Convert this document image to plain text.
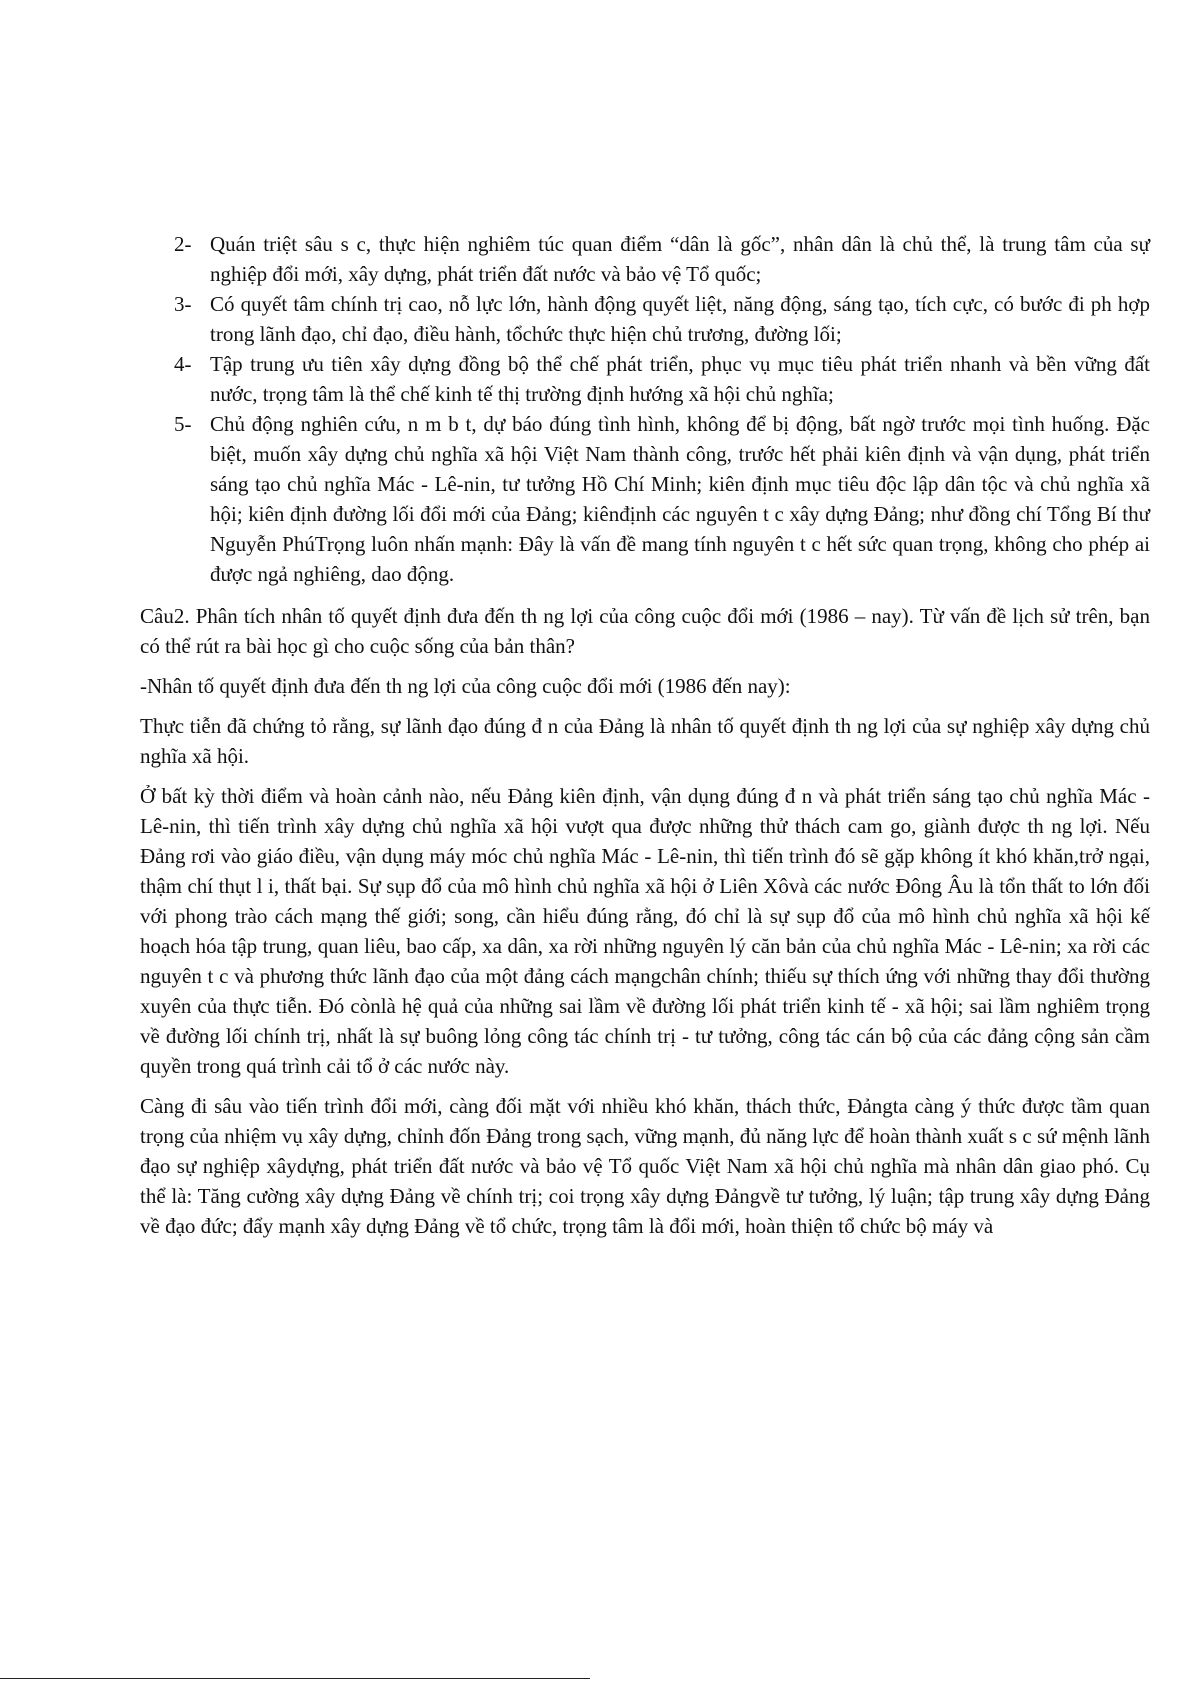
2- Quán triệt sâu s c, thực hiện nghiêm túc quan điểm “dân là gốc”, nhân dân là chủ thể, là trung tâm của sự nghiệp đổi mới, xây dựng, phát triển đất nước và bảo vệ Tổ quốc;
3- Có quyết tâm chính trị cao, nỗ lực lớn, hành động quyết liệt, năng động, sáng tạo, tích cực, có bước đi ph hợp trong lãnh đạo, chỉ đạo, điều hành, tổchức thực hiện chủ trương, đường lối;
4- Tập trung ưu tiên xây dựng đồng bộ thể chế phát triển, phục vụ mục tiêu phát triển nhanh và bền vững đất nước, trọng tâm là thể chế kinh tế thị trường định hướng xã hội chủ nghĩa;
5- Chủ động nghiên cứu, n m b t, dự báo đúng tình hình, không để bị động, bất ngờ trước mọi tình huống. Đặc biệt, muốn xây dựng chủ nghĩa xã hội Việt Nam thành công, trước hết phải kiên định và vận dụng, phát triển sáng tạo chủ nghĩa Mác - Lê-nin, tư tưởng Hồ Chí Minh; kiên định mục tiêu độc lập dân tộc và chủ nghĩa xã hội; kiên định đường lối đổi mới của Đảng; kiênđịnh các nguyên t c xây dựng Đảng; như đồng chí Tổng Bí thư Nguyễn PhúTrọng luôn nhấn mạnh: Đây là vấn đề mang tính nguyên t c hết sức quan trọng, không cho phép ai được ngả nghiêng, dao động.

Câu2. Phân tích nhân tố quyết định đưa đến th ng lợi của công cuộc đổi mới (1986 – nay). Từ vấn đề lịch sử trên, bạn có thể rút ra bài học gì cho cuộc sống của bản thân?

-Nhân tố quyết định đưa đến th ng lợi của công cuộc đổi mới (1986 đến nay):

Thực tiễn đã chứng tỏ rằng, sự lãnh đạo đúng đ n của Đảng là nhân tố quyết định th ng lợi của sự nghiệp xây dựng chủ nghĩa xã hội.

Ở bất kỳ thời điểm và hoàn cảnh nào, nếu Đảng kiên định, vận dụng đúng đ n và phát triển sáng tạo chủ nghĩa Mác - Lê-nin, thì tiến trình xây dựng chủ nghĩa xã hội vượt qua được những thử thách cam go, giành được th ng lợi. Nếu Đảng rơi vào giáo điều, vận dụng máy móc chủ nghĩa Mác - Lê-nin, thì tiến trình đó sẽ gặp không ít khó khăn,trở ngại, thậm chí thụt l i, thất bại. Sự sụp đổ của mô hình chủ nghĩa xã hội ở Liên Xôvà các nước Đông Âu là tổn thất to lớn đối với phong trào cách mạng thế giới; song, cần hiểu đúng rằng, đó chỉ là sự sụp đổ của mô hình chủ nghĩa xã hội kế hoạch hóa tập trung, quan liêu, bao cấp, xa dân, xa rời những nguyên lý căn bản của chủ nghĩa Mác - Lê-nin; xa rời các nguyên t c và phương thức lãnh đạo của một đảng cách mạngchân chính; thiếu sự thích ứng với những thay đổi thường xuyên của thực tiễn. Đó cònlà hệ quả của những sai lầm về đường lối phát triển kinh tế - xã hội; sai lầm nghiêm trọng về đường lối chính trị, nhất là sự buông lỏng công tác chính trị - tư tưởng, công tác cán bộ của các đảng cộng sản cầm quyền trong quá trình cải tổ ở các nước này.

Càng đi sâu vào tiến trình đổi mới, càng đối mặt với nhiều khó khăn, thách thức, Đảngta càng ý thức được tầm quan trọng của nhiệm vụ xây dựng, chỉnh đốn Đảng trong sạch, vững mạnh, đủ năng lực để hoàn thành xuất s c sứ mệnh lãnh đạo sự nghiệp xâydựng, phát triển đất nước và bảo vệ Tổ quốc Việt Nam xã hội chủ nghĩa mà nhân dân giao phó. Cụ thể là: Tăng cường xây dựng Đảng về chính trị; coi trọng xây dựng Đảngvề tư tưởng, lý luận; tập trung xây dựng Đảng về đạo đức; đẩy mạnh xây dựng Đảng về tổ chức, trọng tâm là đổi mới, hoàn thiện tổ chức bộ máy và
